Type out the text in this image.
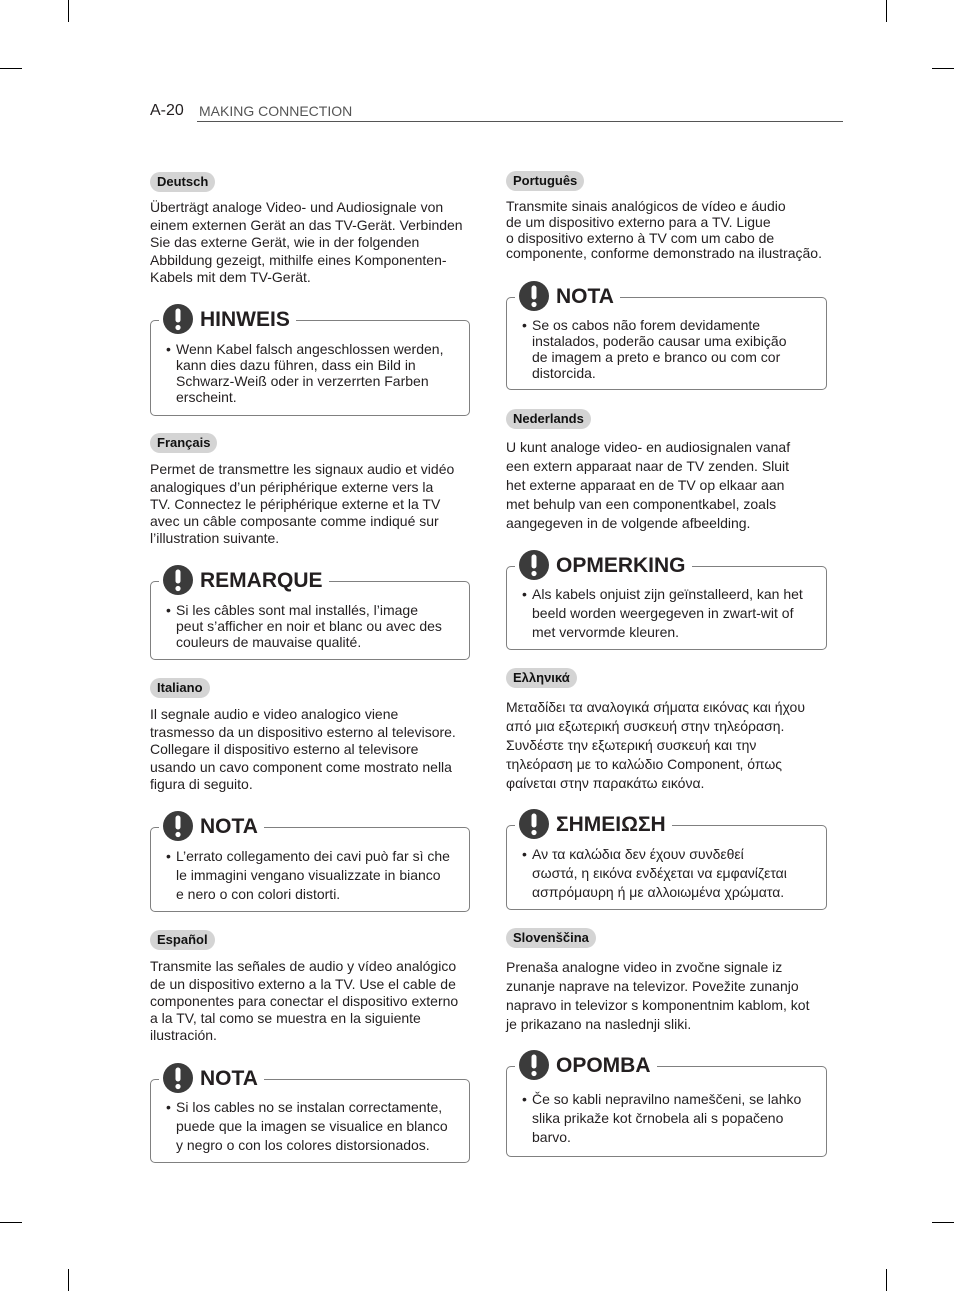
A-20 MAKING CONNECTION
Deutsch
Überträgt analoge Video- und Audiosignale von
einem externen Gerät an das TV-Gerät. Verbinden
Sie das externe Gerät, wie in der folgenden
Abbildung gezeigt, mithilfe eines Komponenten-
Kabels mit dem TV-Gerät.
HINWEIS
• Wenn Kabel falsch angeschlossen werden,
kann dies dazu führen, dass ein Bild in
Schwarz-Weiß oder in verzerrten Farben
erscheint.
Français
Permet de transmettre les signaux audio et vidéo
analogiques d’un périphérique externe vers la
TV. Connectez le périphérique externe et la TV
avec un câble composante comme indiqué sur
l’illustration suivante.
REMARQUE
• Si les câbles sont mal installés, l’image
peut s’afficher en noir et blanc ou avec des
couleurs de mauvaise qualité.
Italiano
Il segnale audio e video analogico viene
trasmesso da un dispositivo esterno al televisore.
Collegare il dispositivo esterno al televisore
usando un cavo component come mostrato nella
figura di seguito.
NOTA
• L’errato collegamento dei cavi può far sì che
le immagini vengano visualizzate in bianco
e nero o con colori distorti.
Español
Transmite las señales de audio y vídeo analógico
de un dispositivo externo a la TV. Use el cable de
componentes para conectar el dispositivo externo
a la TV, tal como se muestra en la siguiente
ilustración.
NOTA
• Si los cables no se instalan correctamente,
puede que la imagen se visualice en blanco
y negro o con los colores distorsionados.
Português
Transmite sinais analógicos de vídeo e áudio
de um dispositivo externo para a TV. Ligue
o dispositivo externo à TV com um cabo de
componente, conforme demonstrado na ilustração.
NOTA
• Se os cabos não forem devidamente
instalados, poderão causar uma exibição
de imagem a preto e branco ou com cor
distorcida.
Nederlands
U kunt analoge video- en audiosignalen vanaf
een extern apparaat naar de TV zenden. Sluit
het externe apparaat en de TV op elkaar aan
met behulp van een componentkabel, zoals
aangegeven in de volgende afbeelding.
OPMERKING
• Als kabels onjuist zijn geïnstalleerd, kan het
beeld worden weergegeven in zwart-wit of
met vervormde kleuren.
Ελληνικά
Μεταδίδει τα αναλογικά σήματα εικόνας και ήχου
από μια εξωτερική συσκευή στην τηλεόραση.
Συνδέστε την εξωτερική συσκευή και την
τηλεόραση με το καλώδιο Component, όπως
φαίνεται στην παρακάτω εικόνα.
ΣΗΜΕΙΩΣΗ
• Αν τα καλώδια δεν έχουν συνδεθεί
σωστά, η εικόνα ενδέχεται να εμφανίζεται
ασπρόμαυρη ή με αλλοιωμένα χρώματα.
Slovenščina
Prenaša analogne video in zvočne signale iz
zunanje naprave na televizor. Povežite zunanjo
napravo in televizor s komponentnim kablom, kot
je prikazano na naslednji sliki.
OPOMBA
• Če so kabli nepravilno nameščeni, se lahko
slika prikaže kot črnobela ali s popačeno
barvo.
